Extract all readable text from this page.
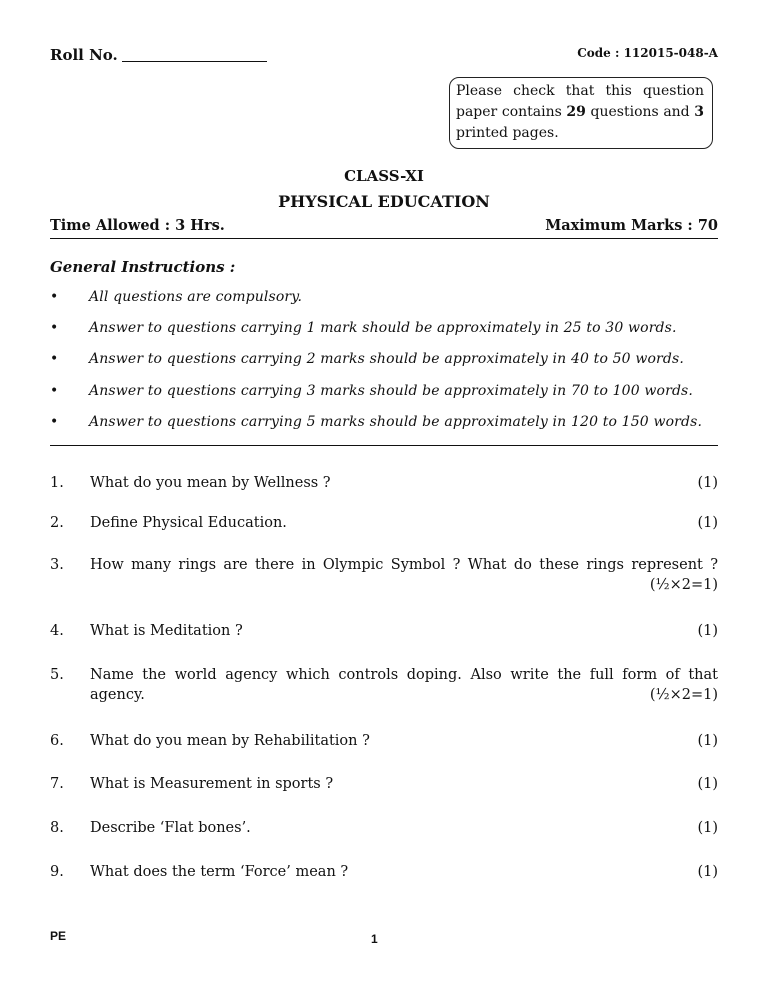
Roll No.	Code : 112015-048-A
Please check that this question paper contains 29 questions and 3 printed pages.
CLASS-XI
PHYSICAL EDUCATION
Time Allowed : 3 Hrs.	Maximum Marks : 70
General Instructions :
• All questions are compulsory.
• Answer to questions carrying 1 mark should be approximately in 25 to 30 words.
• Answer to questions carrying 2 marks should be approximately in 40 to 50 words.
• Answer to questions carrying 3 marks should be approximately in 70 to 100 words.
• Answer to questions carrying 5 marks should be approximately in 120 to 150 words.
1. What do you mean by Wellness ?	(1)
2. Define Physical Education.	(1)
3. How many rings are there in Olympic Symbol ? What do these rings represent ?
(½×2=1)
4. What is Meditation ?	(1)
5. Name the world agency which controls doping. Also write the full form of that
agency.	(½×2=1)
6. What do you mean by Rehabilitation ?	(1)
7. What is Measurement in sports ?	(1)
8. Describe ‘Flat bones’.	(1)
9. What does the term ‘Force’ mean ?	(1)
PE	1
